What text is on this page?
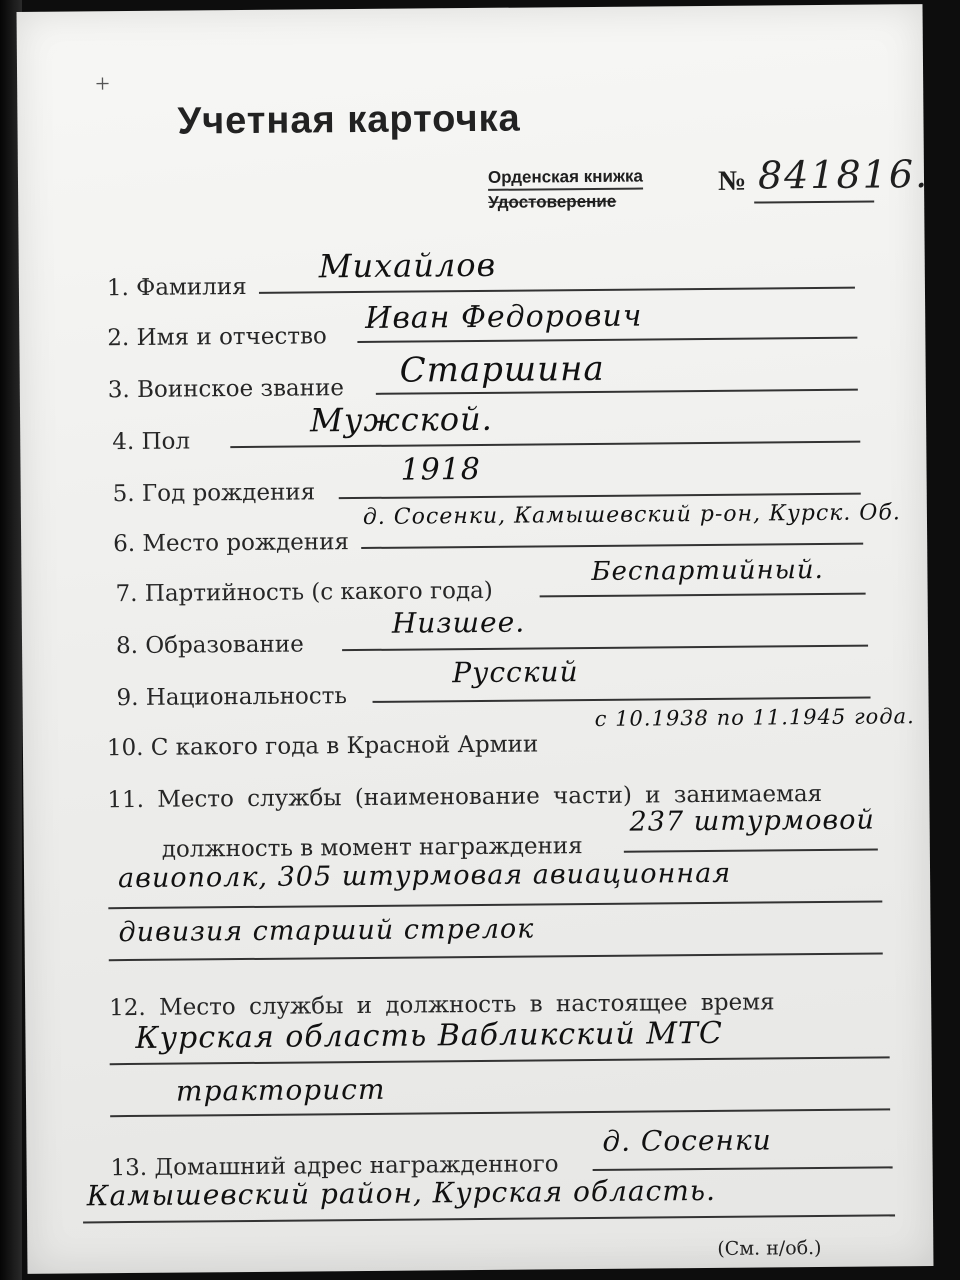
+
Учетная карточка
Орденская книжка
Удостоверение
№ 841816.
1. Фамилия
Михайлов
2. Имя и отчество
Иван Федорович
3. Воинское звание Старшина
4. Пол
Мужской.
5. Год рождения
1918
6. Место рождения
д. Сосенки, Камышевский р-он, Курск. Об.
7. Партийность (с какого года)
Беспартийный.
8. Образование
Низшее.
9. Национальность
Русский
10. С какого года в Красной Армии
с 10.1938 по 11.1945 года.
11. Место службы (наименование части) и занимаемая
должность в момент награждения
237 штурмовой
авиополк, 305 штурмовая авиационная
дивизия старший стрелок
12. Место службы и должность в настоящее время
Курская область Вабликский МТС
тракторист
13. Домашний адрес награжденного
д. Сосенки
Камышевский район, Курская область.
(См. н/об.)
